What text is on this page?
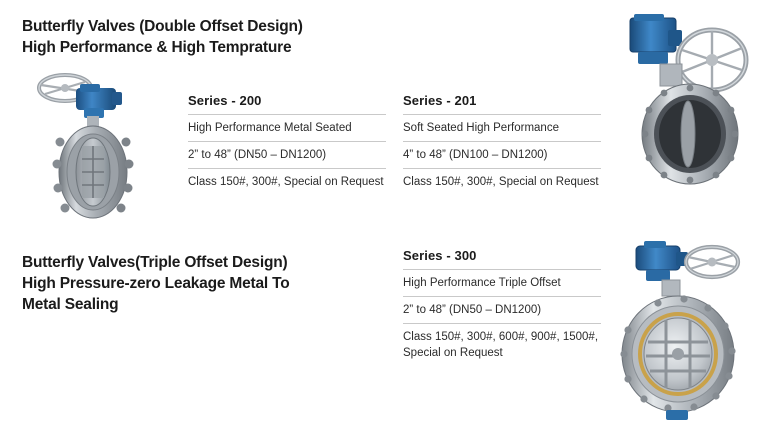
Butterfly Valves (Double Offset Design)
High Performance & High Temprature
Butterfly Valves(Triple Offset Design)
High Pressure-zero Leakage Metal To
Metal Sealing
Series - 200
High Performance Metal Seated
2” to 48” (DN50 – DN1200)
Class 150#, 300#, Special on Request
Series - 201
Soft Seated High Performance
4” to 48” (DN100 – DN1200)
Class 150#, 300#, Special on Request
Series - 300
High Performance Triple Offset
2” to 48” (DN50 – DN1200)
Class 150#, 300#, 600#, 900#, 1500#, Special on Request
